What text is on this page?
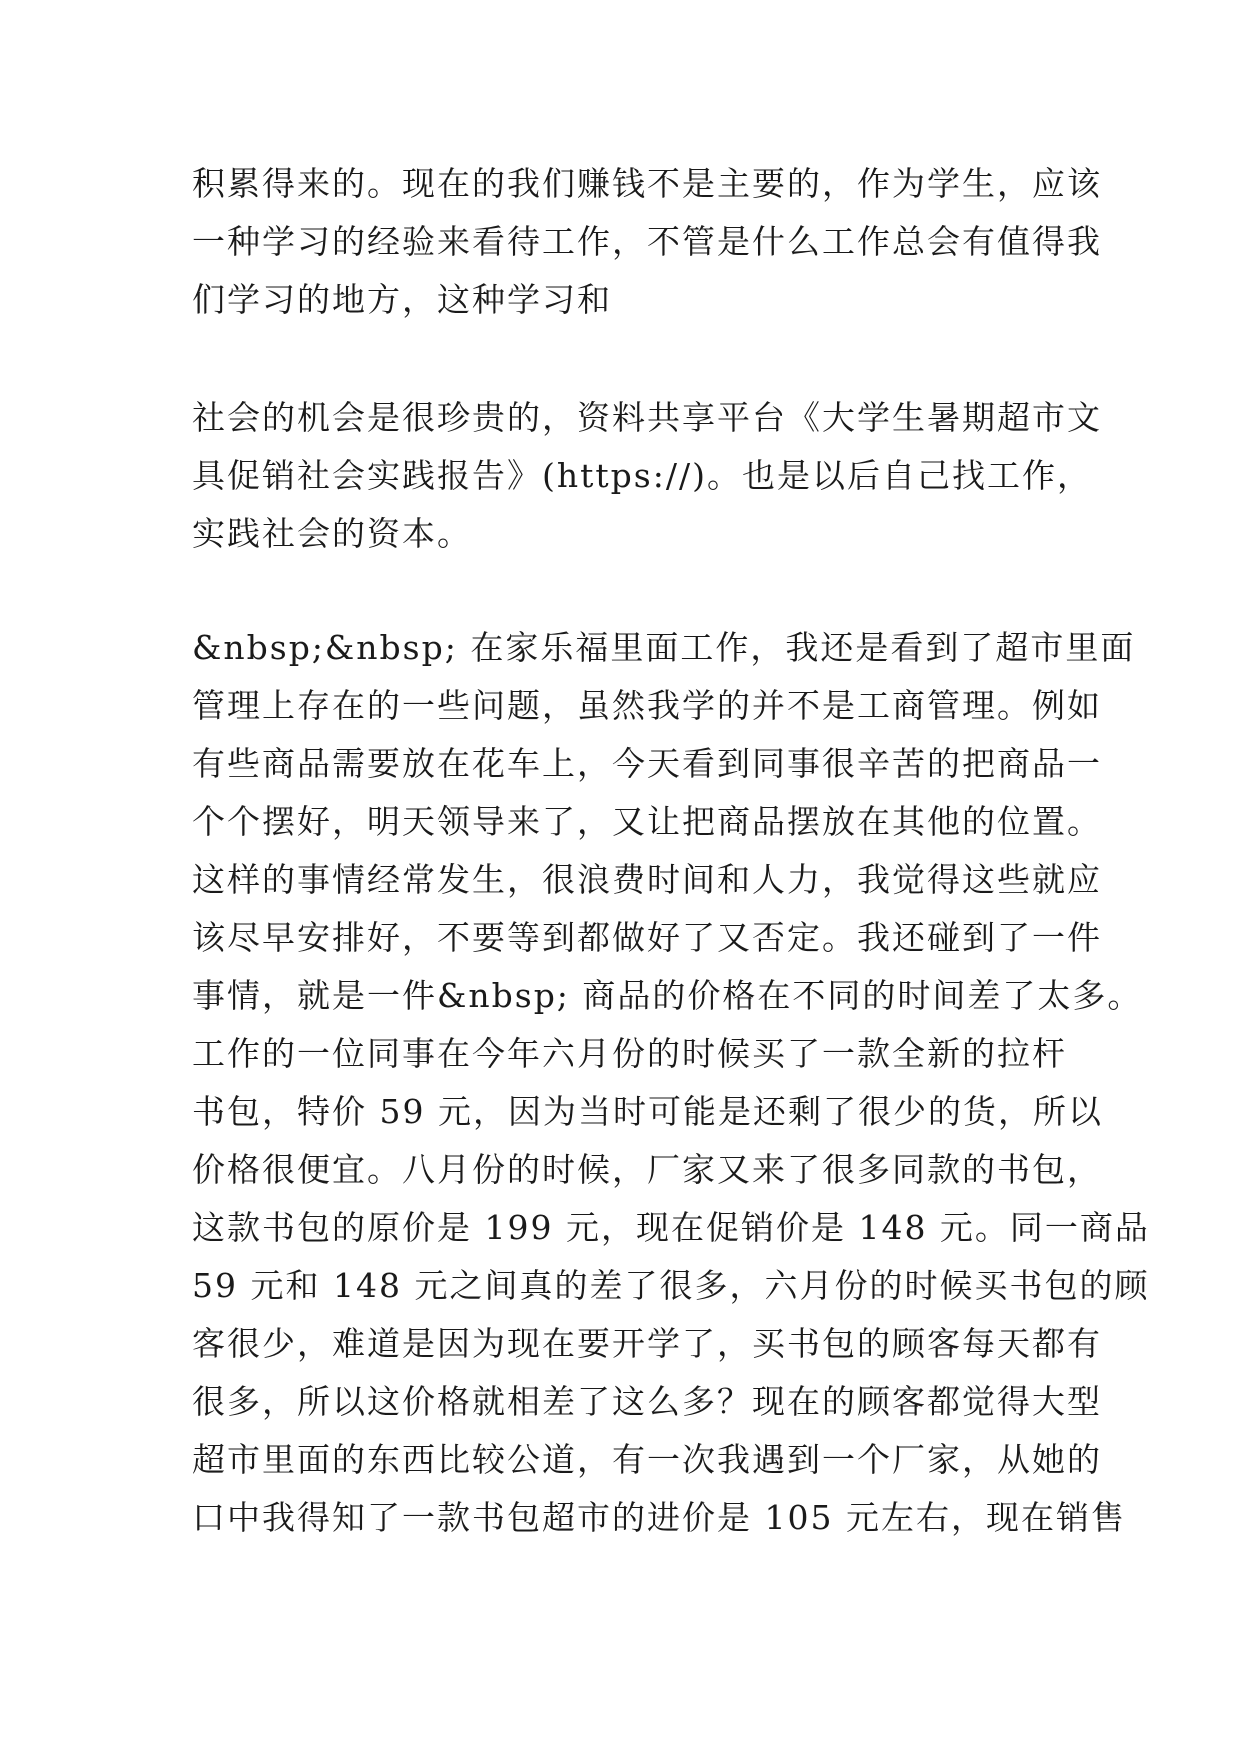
积累得来的。现在的我们赚钱不是主要的，作为学生，应该
一种学习的经验来看待工作，不管是什么工作总会有值得我
们学习的地方，这种学习和
社会的机会是很珍贵的，资料共享平台《大学生暑期超市文
具促销社会实践报告》(https://)。也是以后自己找工作，
实践社会的资本。
&nbsp;&nbsp; 在家乐福里面工作，我还是看到了超市里面
管理上存在的一些问题，虽然我学的并不是工商管理。例如
有些商品需要放在花车上，今天看到同事很辛苦的把商品一
个个摆好，明天领导来了，又让把商品摆放在其他的位置。
这样的事情经常发生，很浪费时间和人力，我觉得这些就应
该尽早安排好，不要等到都做好了又否定。我还碰到了一件
事情，就是一件&nbsp; 商品的价格在不同的时间差了太多。
工作的一位同事在今年六月份的时候买了一款全新的拉杆
书包，特价 59 元，因为当时可能是还剩了很少的货，所以
价格很便宜。八月份的时候，厂家又来了很多同款的书包，
这款书包的原价是 199 元，现在促销价是 148 元。同一商品
59 元和 148 元之间真的差了很多，六月份的时候买书包的顾
客很少，难道是因为现在要开学了，买书包的顾客每天都有
很多，所以这价格就相差了这么多？现在的顾客都觉得大型
超市里面的东西比较公道，有一次我遇到一个厂家，从她的
口中我得知了一款书包超市的进价是 105 元左右，现在销售
